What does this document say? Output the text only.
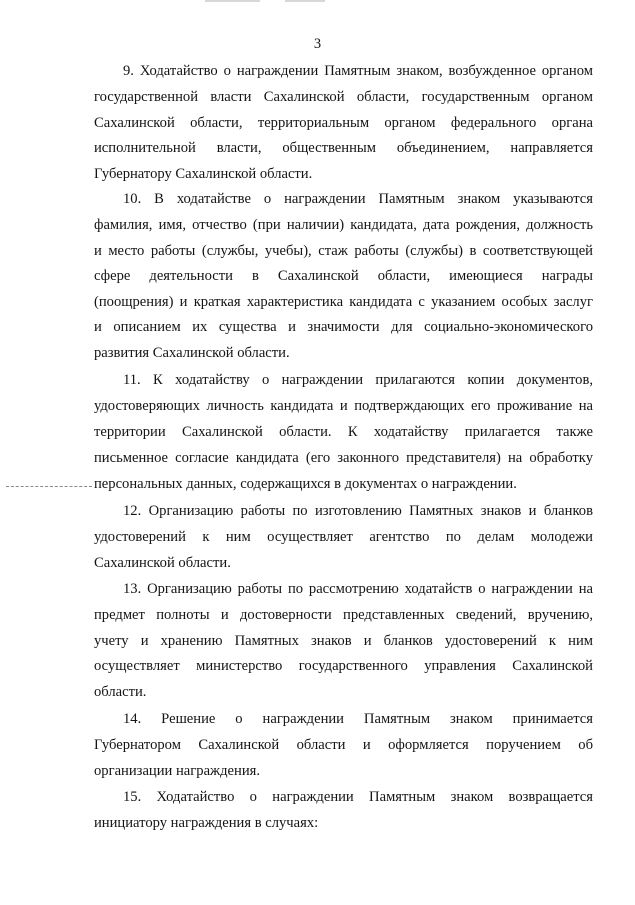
3
9. Ходатайство о награждении Памятным знаком, возбужденное органом
государственной власти Сахалинской области, государственным органом
Сахалинской области, территориальным органом федерального органа
исполнительной власти, общественным объединением, направляется
Губернатору Сахалинской области.
10. В ходатайстве о награждении Памятным знаком указываются
фамилия, имя, отчество (при наличии) кандидата, дата рождения, должность
и место работы (службы, учебы), стаж работы (службы) в соответствующей
сфере деятельности в Сахалинской области, имеющиеся награды
(поощрения) и краткая характеристика кандидата с указанием особых заслуг
и описанием их существа и значимости для социально-экономического
развития Сахалинской области.
11. К ходатайству о награждении прилагаются копии документов,
удостоверяющих личность кандидата и подтверждающих его проживание на
территории Сахалинской области. К ходатайству прилагается также
письменное согласие кандидата (его законного представителя) на обработку
персональных данных, содержащихся в документах о награждении.
12. Организацию работы по изготовлению Памятных знаков и бланков
удостоверений к ним осуществляет агентство по делам молодежи
Сахалинской области.
13. Организацию работы по рассмотрению ходатайств о награждении на
предмет полноты и достоверности представленных сведений, вручению,
учету и хранению Памятных знаков и бланков удостоверений к ним
осуществляет министерство государственного управления Сахалинской
области.
14. Решение о награждении Памятным знаком принимается
Губернатором Сахалинской области и оформляется поручением об
организации награждения.
15. Ходатайство о награждении Памятным знаком возвращается
инициатору награждения в случаях:
